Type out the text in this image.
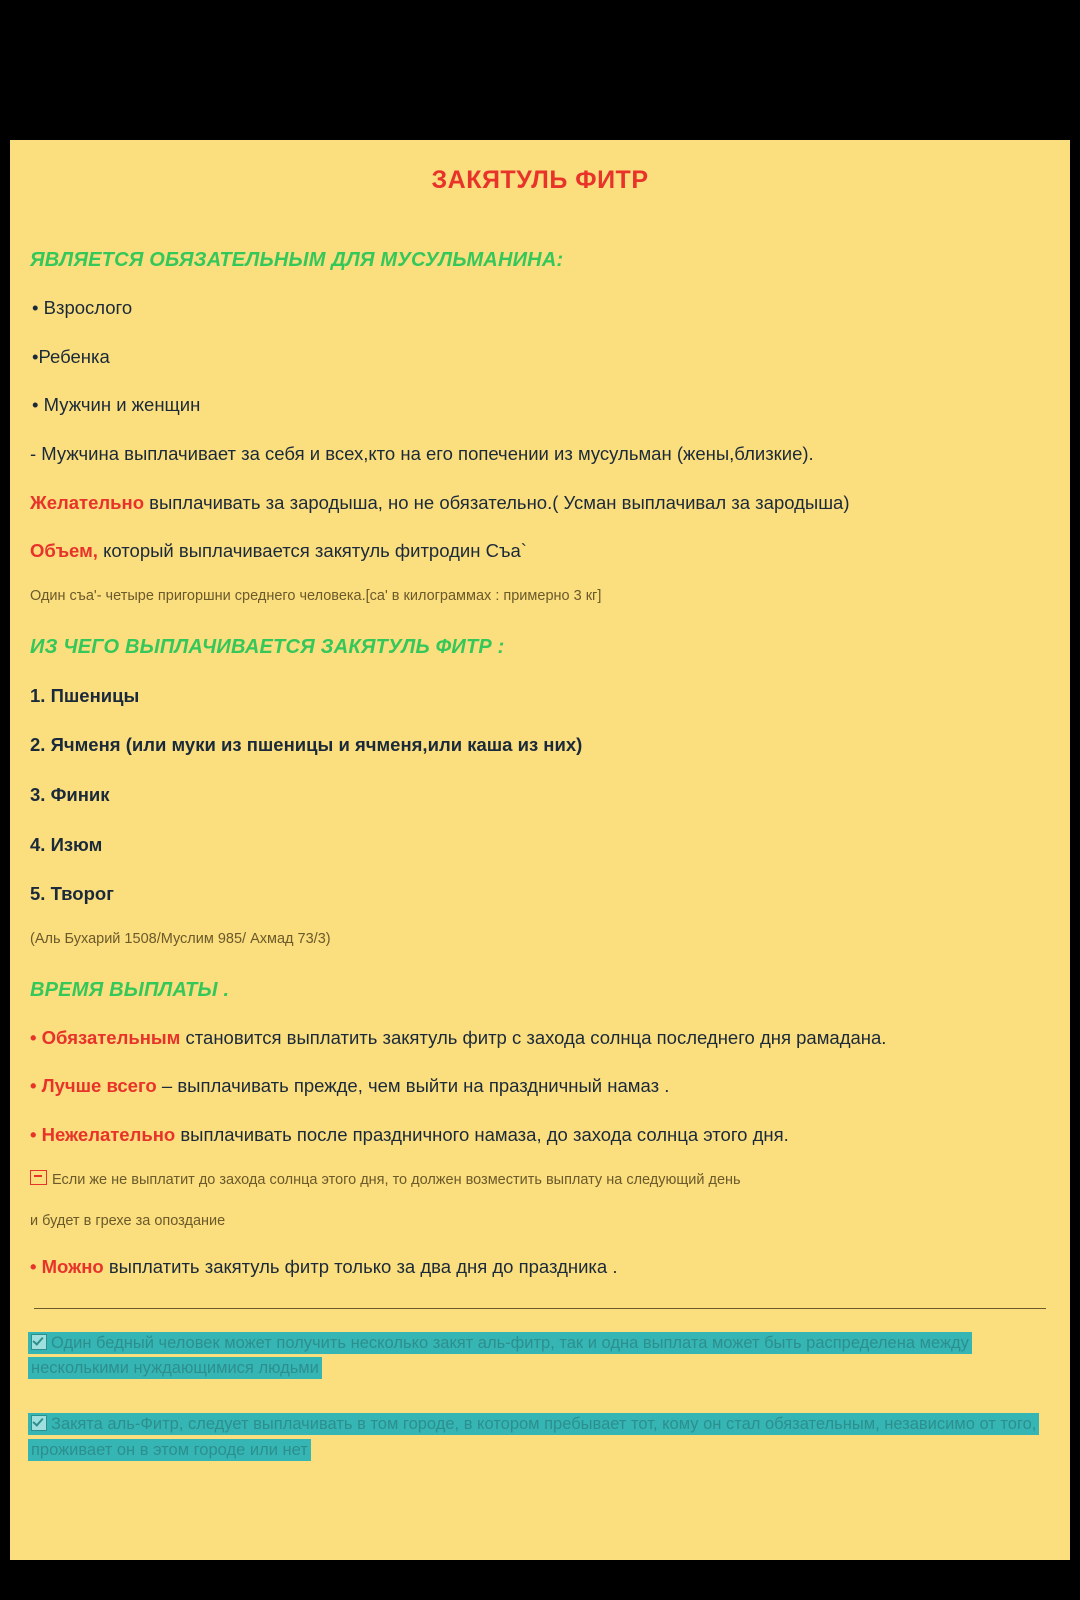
ЗАКЯТУЛЬ ФИТР

ЯВЛЯЕТСЯ ОБЯЗАТЕЛЬНЫМ ДЛЯ МУСУЛЬМАНИНА:

• Взрослого

•Ребенка

• Мужчин и женщин

- Мужчина выплачивает за себя и всех,кто на его попечении из мусульман (жены,близкие).

Желательно выплачивать за зародыша, но не обязательно.( Усман выплачивал за зародыша)

Объем, который выплачивается закятуль фитродин Съа`

Один съа'- четыре пригоршни среднего человека.[са' в килограммах : примерно 3 кг]

ИЗ ЧЕГО ВЫПЛАЧИВАЕТСЯ ЗАКЯТУЛЬ ФИТР :

1. Пшеницы

2. Ячменя (или муки из пшеницы и ячменя,или каша из них)

3. Финик

4. Изюм

5. Творог

(Аль Бухарий 1508/Муслим 985/ Ахмад 73/3)

ВРЕМЯ ВЫПЛАТЫ .

• Обязательным становится выплатить закятуль фитр с захода солнца последнего дня рамадана.

• Лучше всего – выплачивать прежде, чем выйти на праздничный намаз .

• Нежелательно выплачивать после праздничного намаза, до захода солнца этого дня.

Если же не выплатит до захода солнца этого дня, то должен возместить выплату на следующий день

и будет в грехе за опоздание

• Можно выплатить закятуль фитр только за два дня до праздника .

Один бедный человек может получить несколько закят аль-фитр, так и одна выплата может быть распределена между несколькими нуждающимися людьми

Закята аль-Фитр, следует выплачивать в том городе, в котором пребывает тот, кому он стал обязательным, независимо от того, проживает он в этом городе или нет
